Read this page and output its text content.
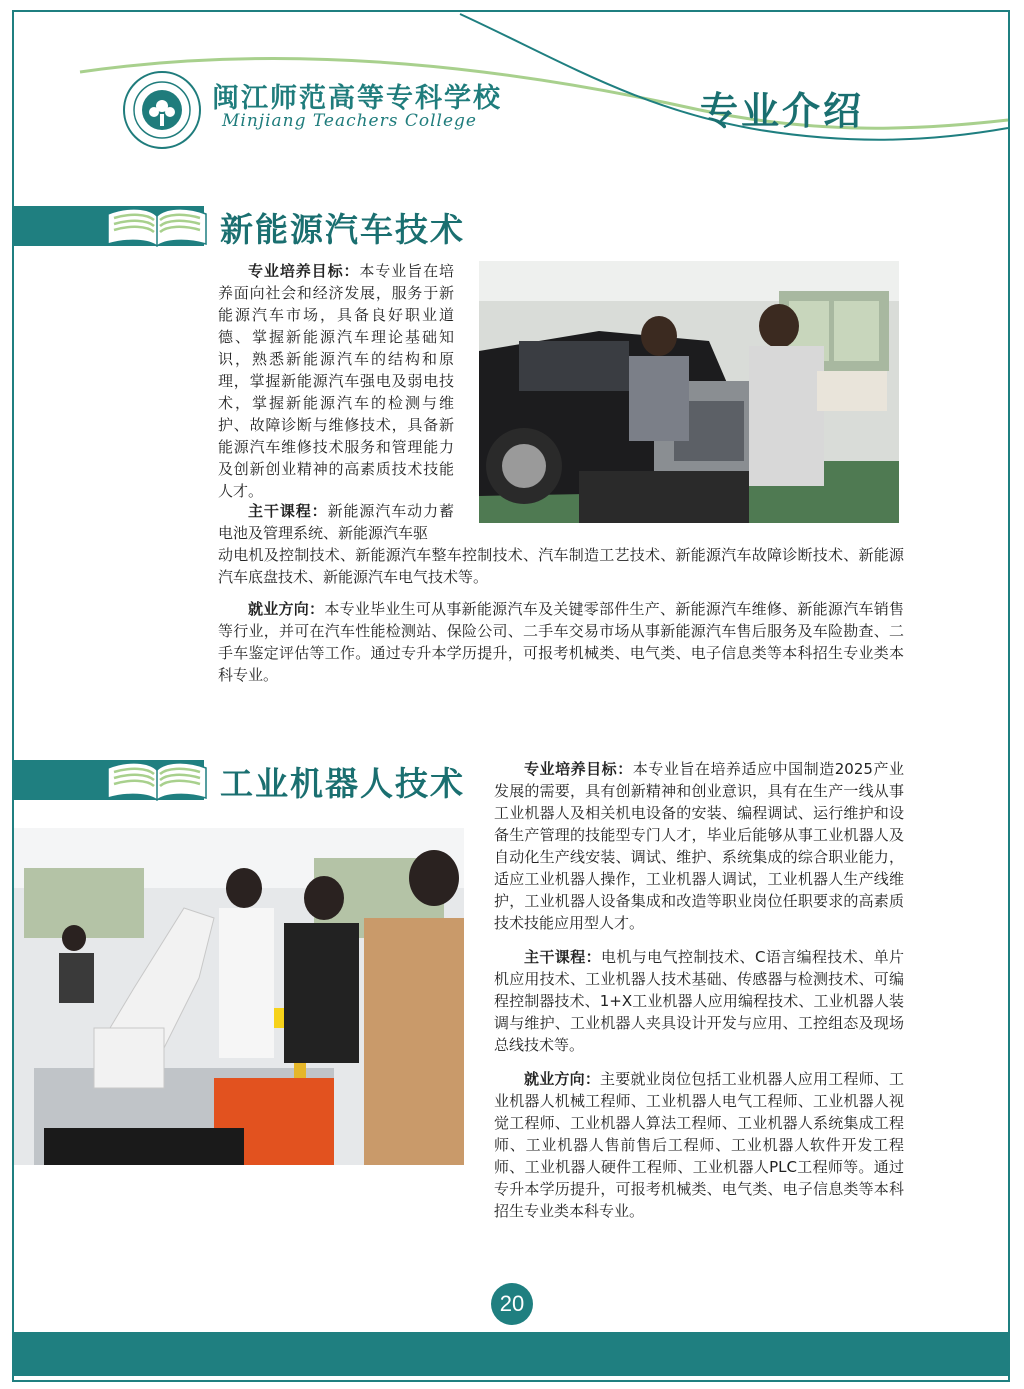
闽江师范高等专科学校
Minjiang Teachers College	专业介绍
新能源汽车技术

专业培养目标：本专业旨在培养面向社会和经济发展，服务于新能源汽车市场，具备良好职业道德、掌握新能源汽车理论基础知识，熟悉新能源汽车的结构和原理，掌握新能源汽车强电及弱电技术，掌握新能源汽车的检测与维护、故障诊断与维修技术，具备新能源汽车维修技术服务和管理能力及创新创业精神的高素质技术技能人才。

主干课程：新能源汽车动力蓄电池及管理系统、新能源汽车驱

动电机及控制技术、新能源汽车整车控制技术、汽车制造工艺技术、新能源汽车故障诊断技术、新能源汽车底盘技术、新能源汽车电气技术等。

就业方向：本专业毕业生可从事新能源汽车及关键零部件生产、新能源汽车维修、新能源汽车销售等行业，并可在汽车性能检测站、保险公司、二手车交易市场从事新能源汽车售后服务及车险勘查、二手车鉴定评估等工作。通过专升本学历提升，可报考机械类、电气类、电子信息类等本科招生专业类本科专业。

工业机器人技术	专业培养目标：本专业旨在培养适应中国制造2025产业发展的需要，具有创新精神和创业意识，具有在生产一线从事工业机器人及相关机电设备的安装、编程调试、运行维护和设备生产管理的技能型专门人才，毕业后能够从事工业机器人及自动化生产线安装、调试、维护、系统集成的综合职业能力，适应工业机器人操作，工业机器人调试，工业机器人生产线维护，工业机器人设备集成和改造等职业岗位任职要求的高素质技术技能应用型人才。

主干课程：电机与电气控制技术、C语言编程技术、单片机应用技术、工业机器人技术基础、传感器与检测技术、可编程控制器技术、1+X工业机器人应用编程技术、工业机器人装调与维护、工业机器人夹具设计开发与应用、工控组态及现场总线技术等。

就业方向：主要就业岗位包括工业机器人应用工程师、工业机器人机械工程师、工业机器人电气工程师、工业机器人视觉工程师、工业机器人算法工程师、工业机器人系统集成工程师、工业机器人售前售后工程师、工业机器人软件开发工程师、工业机器人硬件工程师、工业机器人PLC工程师等。通过专升本学历提升，可报考机械类、电气类、电子信息类等本科招生专业类本科专业。

20
